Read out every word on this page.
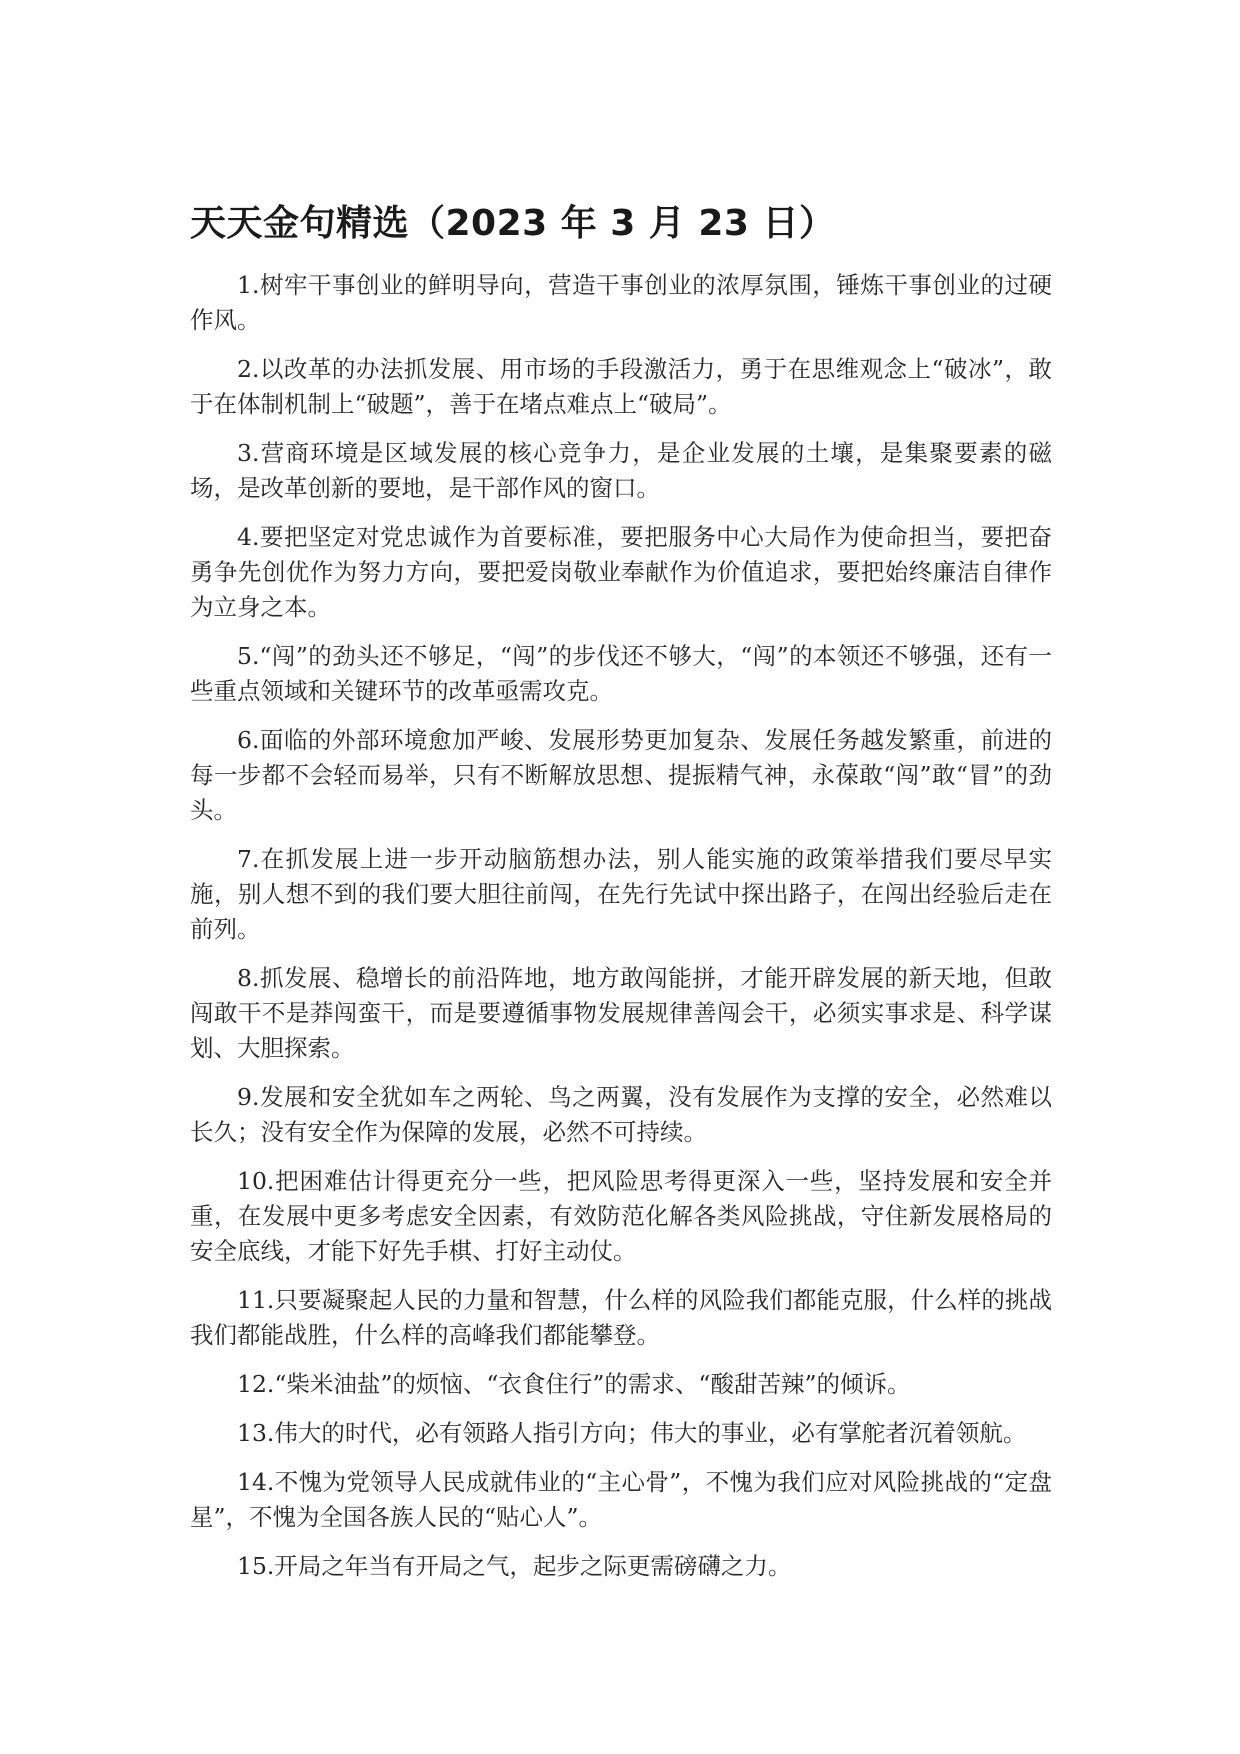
天天金句精选（2023 年 3 月 23 日）

1.树牢干事创业的鲜明导向，营造干事创业的浓厚氛围，锤炼干事创业的过硬作风。

2.以改革的办法抓发展、用市场的手段激活力，勇于在思维观念上“破冰”，敢于在体制机制上“破题”，善于在堵点难点上“破局”。

3.营商环境是区域发展的核心竞争力，是企业发展的土壤，是集聚要素的磁场，是改革创新的要地，是干部作风的窗口。

4.要把坚定对党忠诚作为首要标准，要把服务中心大局作为使命担当，要把奋勇争先创优作为努力方向，要把爱岗敬业奉献作为价值追求，要把始终廉洁自律作为立身之本。

5.“闯”的劲头还不够足，“闯”的步伐还不够大，“闯”的本领还不够强，还有一些重点领域和关键环节的改革亟需攻克。

6.面临的外部环境愈加严峻、发展形势更加复杂、发展任务越发繁重，前进的每一步都不会轻而易举，只有不断解放思想、提振精气神，永葆敢“闯”敢“冒”的劲头。

7.在抓发展上进一步开动脑筋想办法，别人能实施的政策举措我们要尽早实施，别人想不到的我们要大胆往前闯，在先行先试中探出路子，在闯出经验后走在前列。

8.抓发展、稳增长的前沿阵地，地方敢闯能拼，才能开辟发展的新天地，但敢闯敢干不是莽闯蛮干，而是要遵循事物发展规律善闯会干，必须实事求是、科学谋划、大胆探索。

9.发展和安全犹如车之两轮、鸟之两翼，没有发展作为支撑的安全，必然难以长久；没有安全作为保障的发展，必然不可持续。

10.把困难估计得更充分一些，把风险思考得更深入一些，坚持发展和安全并重，在发展中更多考虑安全因素，有效防范化解各类风险挑战，守住新发展格局的安全底线，才能下好先手棋、打好主动仗。

11.只要凝聚起人民的力量和智慧，什么样的风险我们都能克服，什么样的挑战我们都能战胜，什么样的高峰我们都能攀登。

12.“柴米油盐”的烦恼、“衣食住行”的需求、“酸甜苦辣”的倾诉。

13.伟大的时代，必有领路人指引方向；伟大的事业，必有掌舵者沉着领航。

14.不愧为党领导人民成就伟业的“主心骨”，不愧为我们应对风险挑战的“定盘星”，不愧为全国各族人民的“贴心人”。

15.开局之年当有开局之气，起步之际更需磅礴之力。
